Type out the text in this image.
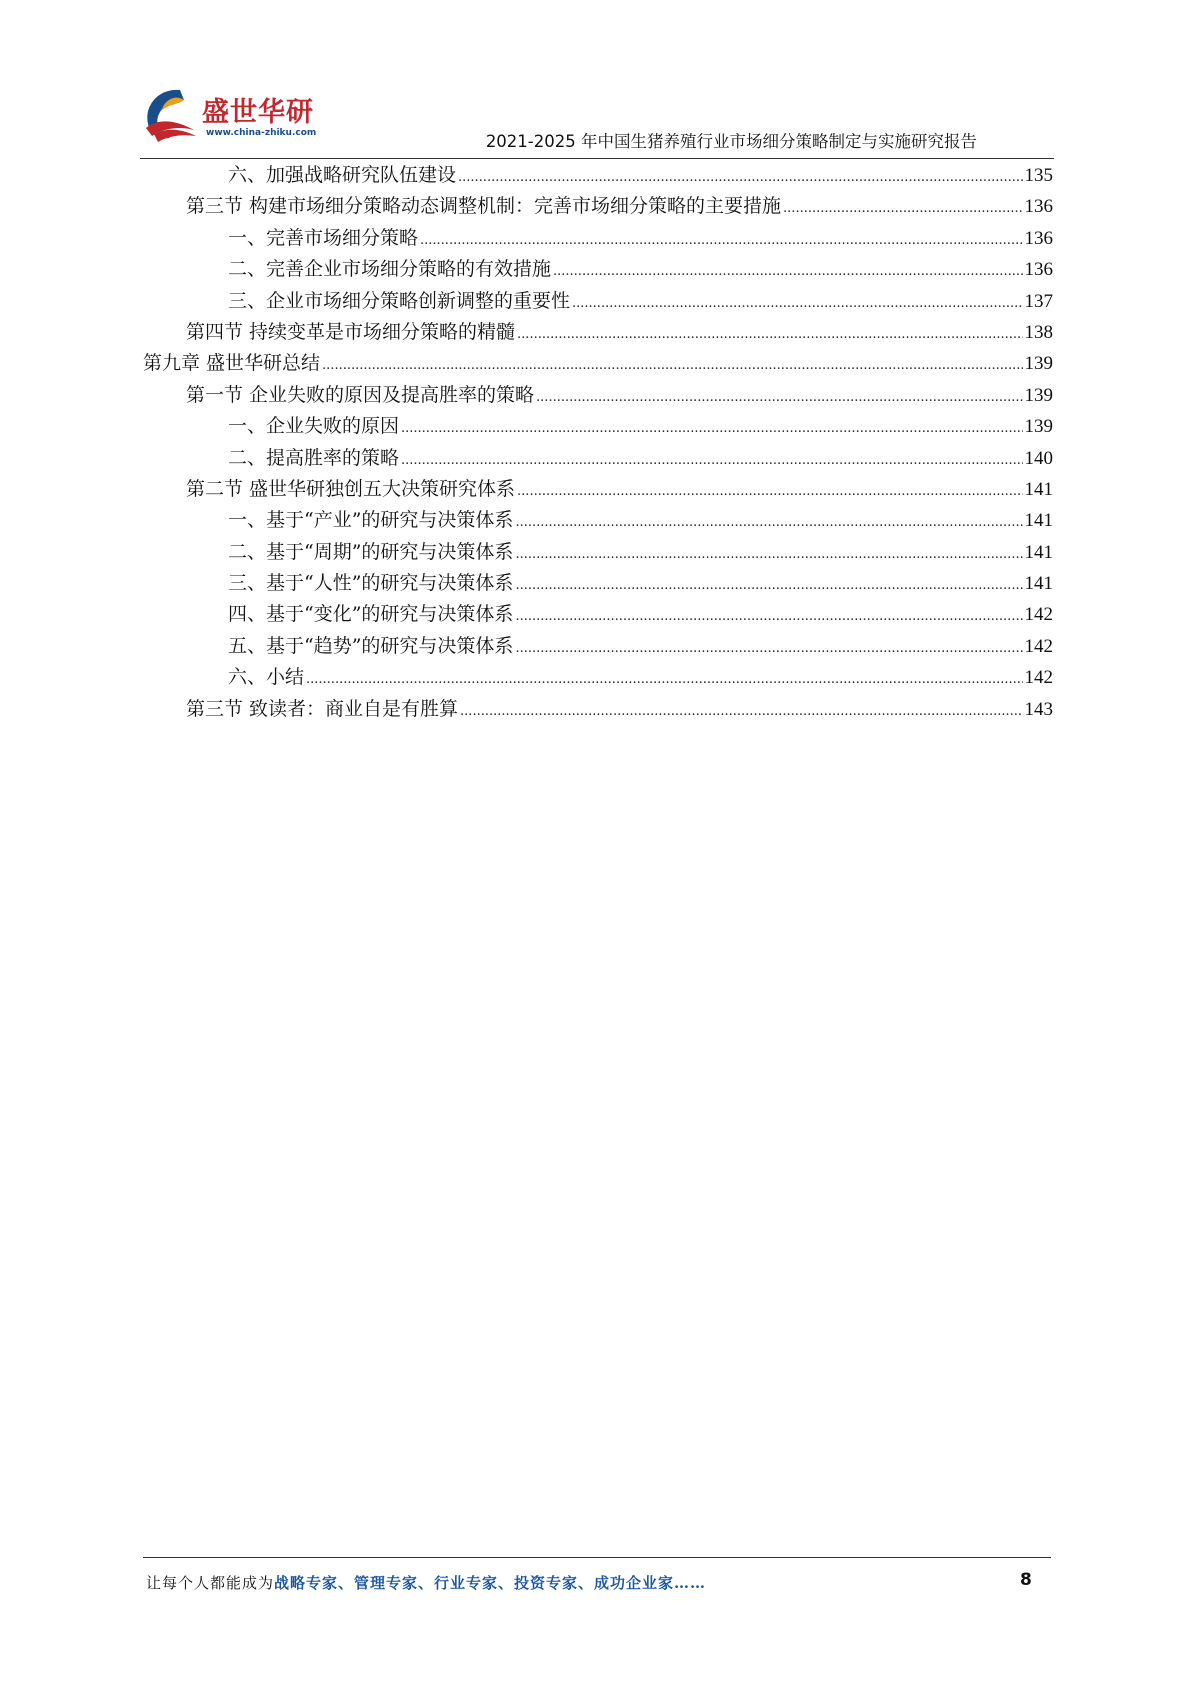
盛世华研
www.china-zhiku.com	2021-2025 年中国生猪养殖行业市场细分策略制定与实施研究报告
六、加强战略研究队伍建设 .....	135
第三节 构建市场细分策略动态调整机制：完善市场细分策略的主要措施 .....	136
一、完善市场细分策略 .....	136
二、完善企业市场细分策略的有效措施 .....	136
三、企业市场细分策略创新调整的重要性 .....	137
第四节 持续变革是市场细分策略的精髓 .....	138
第九章 盛世华研总结 .....	139
第一节 企业失败的原因及提高胜率的策略 .....	139
一、企业失败的原因 .....	139
二、提高胜率的策略 .....	140
第二节 盛世华研独创五大决策研究体系 .....	141
一、基于“产业”的研究与决策体系 .....	141
二、基于“周期”的研究与决策体系 .....	141
三、基于“人性”的研究与决策体系 .....	141
四、基于“变化”的研究与决策体系 .....	142
五、基于“趋势”的研究与决策体系 .....	142
六、小结 .....	142
第三节 致读者：商业自是有胜算 .....	143
让每个人都能成为战略专家、管理专家、行业专家、投资专家、成功企业家……	8
